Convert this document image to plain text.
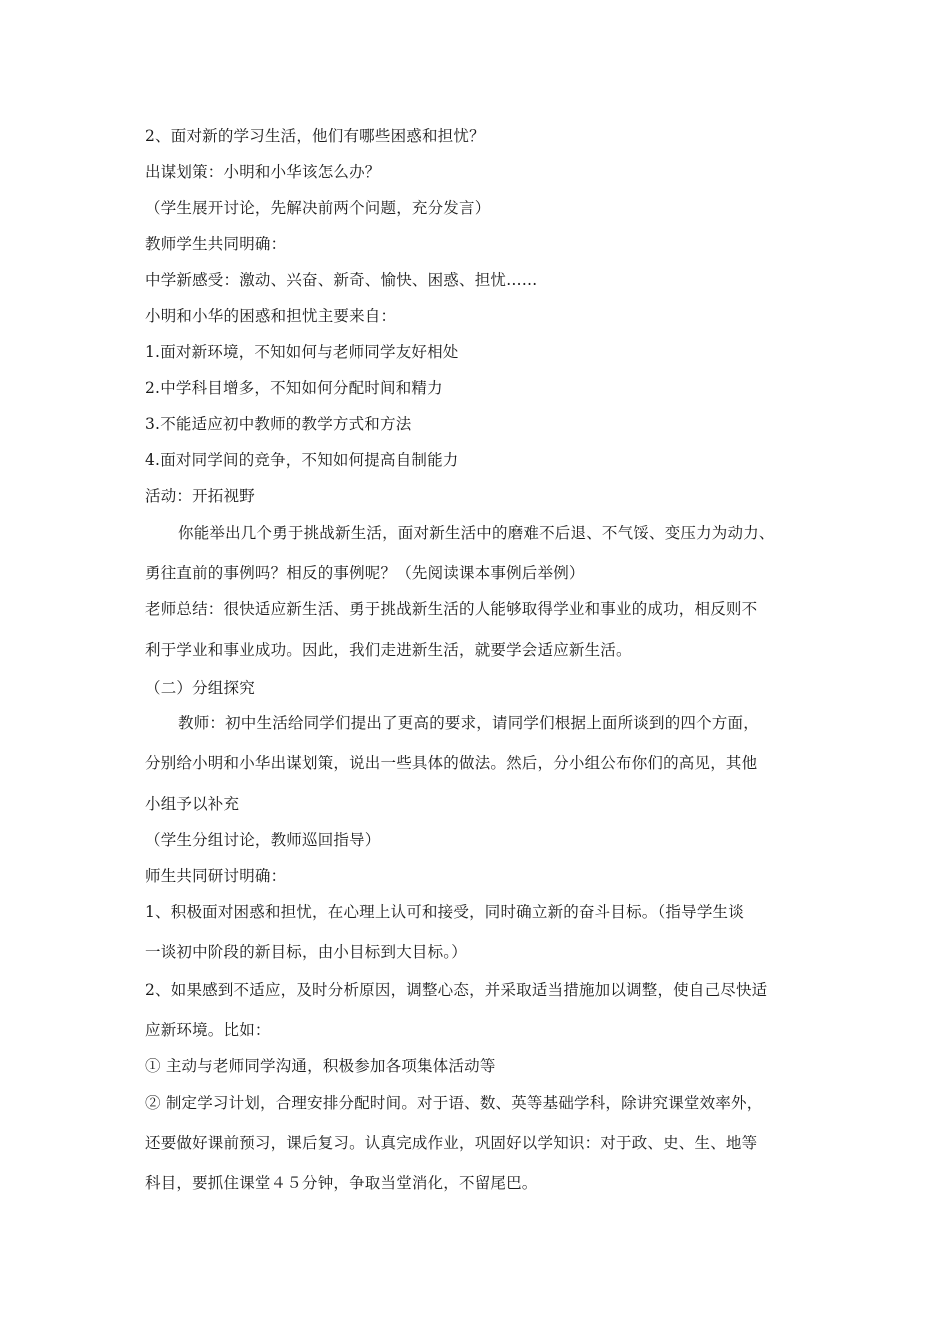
2、面对新的学习生活，他们有哪些困惑和担忧？
出谋划策：小明和小华该怎么办？
（学生展开讨论，先解决前两个问题，充分发言）
教师学生共同明确：
中学新感受：激动、兴奋、新奇、愉快、困惑、担忧……
小明和小华的困惑和担忧主要来自：
1.面对新环境，不知如何与老师同学友好相处
2.中学科目增多，不知如何分配时间和精力
3.不能适应初中教师的教学方式和方法
4.面对同学间的竞争，不知如何提高自制能力
活动：开拓视野
你能举出几个勇于挑战新生活，面对新生活中的磨难不后退、不气馁、变压力为动力、
勇往直前的事例吗？相反的事例呢？（先阅读课本事例后举例）
老师总结：很快适应新生活、勇于挑战新生活的人能够取得学业和事业的成功，相反则不
利于学业和事业成功。因此，我们走进新生活，就要学会适应新生活。
（二）分组探究
教师：初中生活给同学们提出了更高的要求，请同学们根据上面所谈到的四个方面，
分别给小明和小华出谋划策，说出一些具体的做法。然后，分小组公布你们的高见，其他
小组予以补充
（学生分组讨论，教师巡回指导）
师生共同研讨明确：
1、积极面对困惑和担忧，在心理上认可和接受，同时确立新的奋斗目标。（指导学生谈
一谈初中阶段的新目标，由小目标到大目标。）
2、如果感到不适应，及时分析原因，调整心态，并采取适当措施加以调整，使自己尽快适
应新环境。比如：
① 主动与老师同学沟通，积极参加各项集体活动等
② 制定学习计划，合理安排分配时间。对于语、数、英等基础学科，除讲究课堂效率外，
还要做好课前预习，课后复习。认真完成作业，巩固好以学知识：对于政、史、生、地等
科目，要抓住课堂４５分钟，争取当堂消化，不留尾巴。
